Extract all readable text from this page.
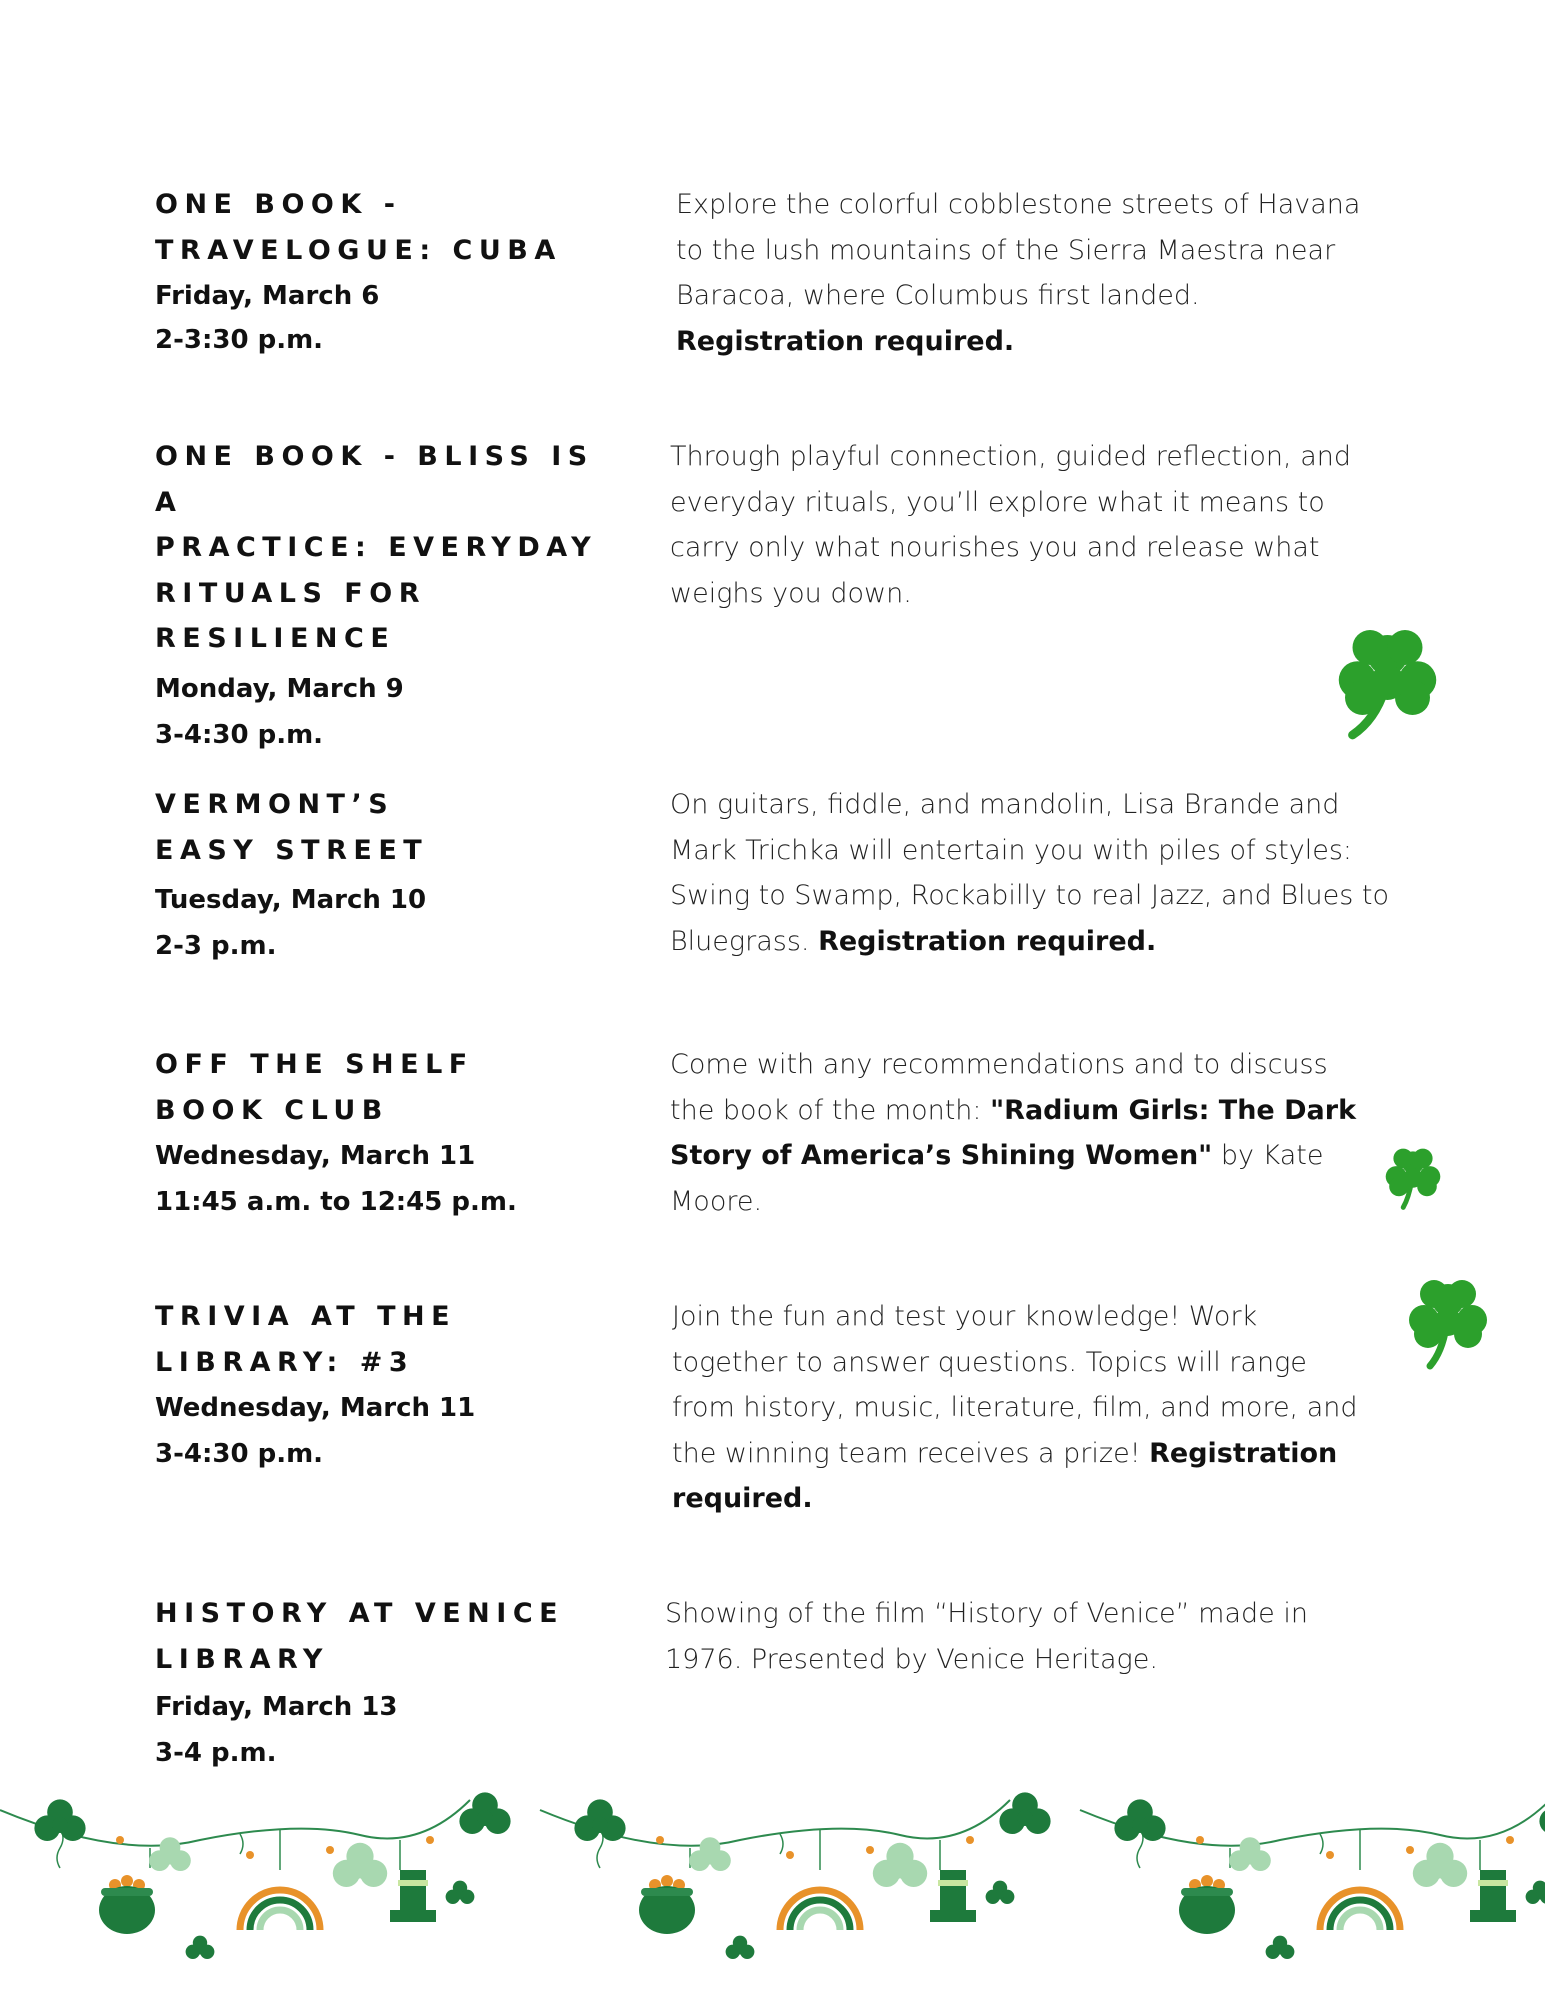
ONE BOOK -
TRAVELOGUE: CUBA
Friday, March 6
2-3:30 p.m.
Explore the colorful cobblestone streets of Havana to the lush mountains of the Sierra Maestra near Baracoa, where Columbus first landed.
Registration required.
ONE BOOK - BLISS IS A
PRACTICE: EVERYDAY
RITUALS FOR
RESILIENCE
Monday, March 9
3-4:30 p.m.
Through playful connection, guided reflection, and everyday rituals, you’ll explore what it means to carry only what nourishes you and release what weighs you down.
VERMONT’S
EASY STREET
Tuesday, March 10
2-3 p.m.
On guitars, fiddle, and mandolin, Lisa Brande and Mark Trichka will entertain you with piles of styles: Swing to Swamp, Rockabilly to real Jazz, and Blues to Bluegrass. Registration required.
OFF THE SHELF
BOOK CLUB
Wednesday, March 11
11:45 a.m. to 12:45 p.m.
Come with any recommendations and to discuss the book of the month: "Radium Girls: The Dark Story of America’s Shining Women" by Kate Moore.
TRIVIA AT THE
LIBRARY: #3
Wednesday, March 11
3-4:30 p.m.
Join the fun and test your knowledge! Work together to answer questions. Topics will range from history, music, literature, film, and more, and the winning team receives a prize! Registration required.
HISTORY AT VENICE
LIBRARY
Friday, March 13
3-4 p.m.
Showing of the film “History of Venice” made in 1976. Presented by Venice Heritage.
